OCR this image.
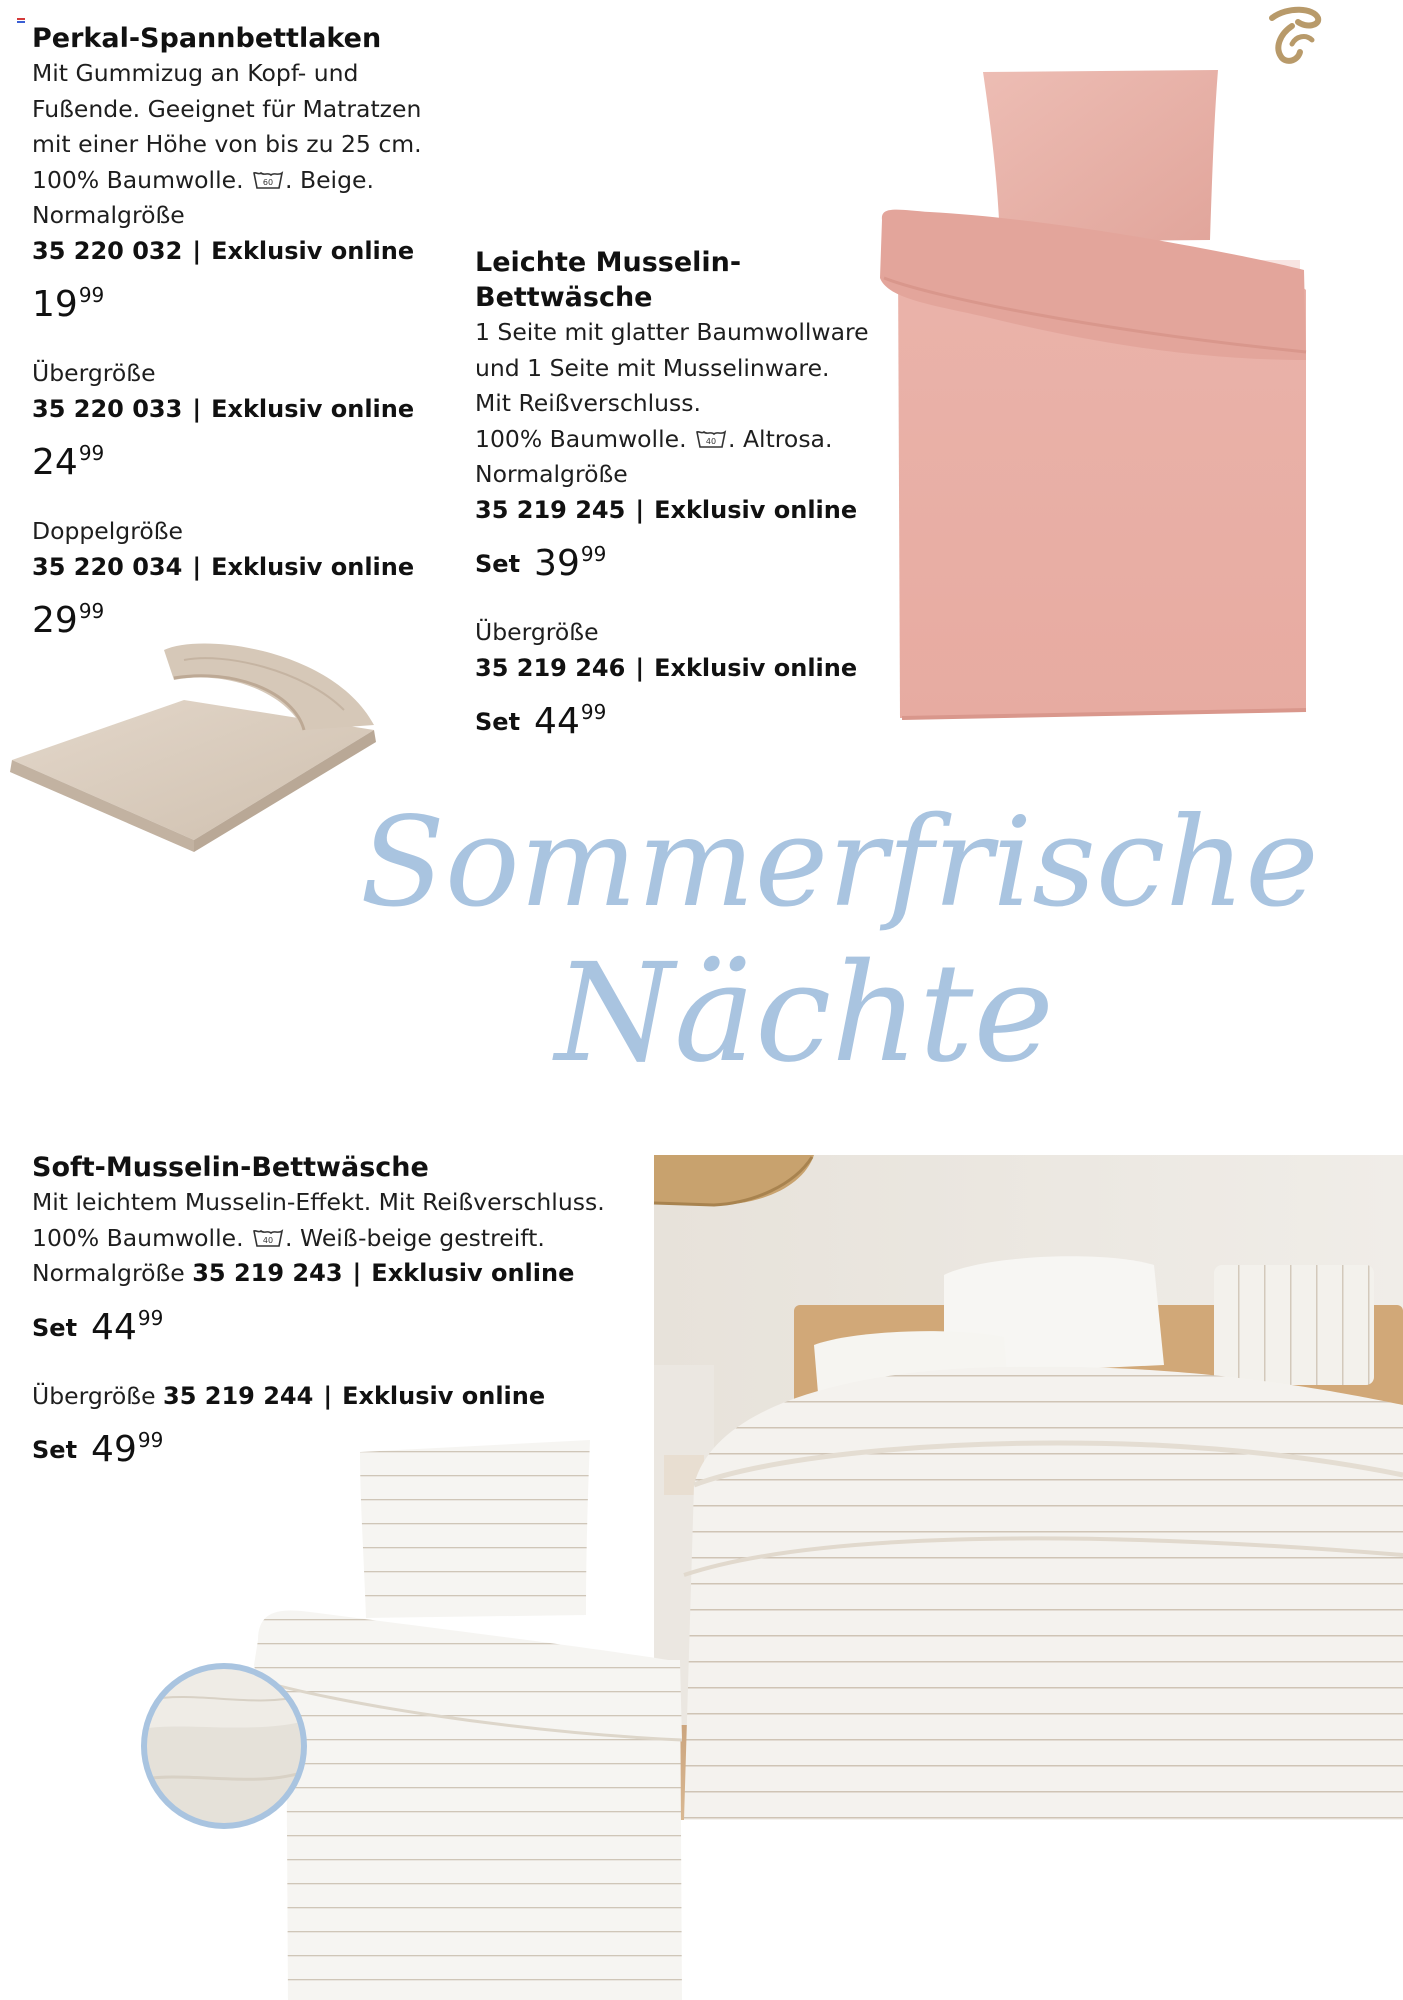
Perkal-Spannbettlaken

Mit Gummizug an Kopf- und
Fußende. Geeignet für Matratzen
mit einer Höhe von bis zu 25 cm.

100% Baumwolle. 60 . Beige.
Normalgröße
35 220 032 | Exklusiv online
$19^{99}$
Übergröße
35 220 033 | Exklusiv online
$24^{99}$
Doppelgröße
35 220 034 | Exklusiv online
$29^{99}$
Leichte Musselin-
Bettwäsche

1 Seite mit glatter Baumwollware
und 1 Seite mit Musselinware.
Mit Reißverschluss.

100% Baumwolle. 40 . Altrosa.
Normalgröße
35 219 245 | Exklusiv online
Set $39^{99}$
Übergröße
35 219 246 | Exklusiv online
Set $44^{99}$
Sommerfrische
Nächte
Soft-Musselin-Bettwäsche

Mit leichtem Musselin-Effekt. Mit Reißverschluss.

100% Baumwolle. 40 . Weiß-beige gestreift.
Normalgröße 35 219 243 | Exklusiv online
Set $44^{99}$
Übergröße 35 219 244 | Exklusiv online
Set $49^{99}$
